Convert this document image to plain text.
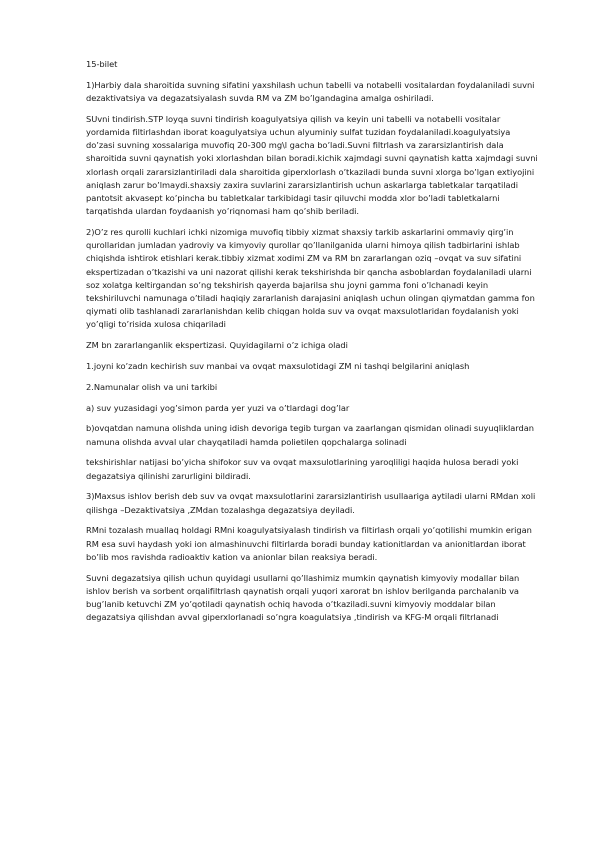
15-bilet

1)Harbiy dala sharoitida suvning sifatini yaxshilash uchun tabelli va notabelli vositalardan foydalaniladi suvni dezaktivatsiya va degazatsiyalash suvda RM va ZM bo’lgandagina amalga oshiriladi.

SUvni tindirish.STP loyqa suvni tindirish koagulyatsiya qilish va keyin uni tabelli va notabelli vositalar yordamida filtirlashdan iborat koagulyatsiya uchun alyuminiy sulfat tuzidan foydalaniladi.koagulyatsiya do’zasi suvning xossalariga muvofiq 20-300 mg\l gacha bo’ladi.Suvni filtrlash va zararsizlantirish dala sharoitida suvni qaynatish yoki xlorlashdan bilan boradi.kichik xajmdagi suvni qaynatish katta xajmdagi suvni xlorlash orqali zararsizlantiriladi dala sharoitida giperxlorlash o’tkaziladi bunda suvni xlorga bo’lgan extiyojini aniqlash zarur bo’lmaydi.shaxsiy zaxira suvlarini zararsizlantirish uchun askarlarga tabletkalar tarqatiladi pantotsit akvasept ko’pincha bu tabletkalar tarkibidagi tasir qiluvchi modda xlor bo’ladi tabletkalarni tarqatishda ulardan foydaanish yo’riqnomasi ham qo’shib beriladi.

2)O’z res qurolli kuchlari ichki nizomiga muvofiq tibbiy xizmat shaxsiy tarkib askarlarini ommaviy qirg’in qurollaridan jumladan yadroviy va kimyoviy qurollar qo’llanilganida ularni himoya qilish tadbirlarini ishlab chiqishda ishtirok etishlari kerak.tibbiy xizmat xodimi ZM va RM bn zararlangan oziq –ovqat va suv sifatini ekspertizadan o’tkazishi va uni nazorat qilishi kerak tekshirishda bir qancha asboblardan foydalaniladi ularni soz xolatga keltirgandan so’ng tekshirish qayerda bajarilsa shu joyni gamma foni o’lchanadi keyin tekshiriluvchi namunaga o’tiladi haqiqiy zararlanish darajasini aniqlash uchun olingan qiymatdan gamma fon qiymati olib tashlanadi zararlanishdan kelib chiqgan holda suv va ovqat maxsulotlaridan foydalanish yoki yo’qligi to’risida xulosa chiqariladi

ZM bn zararlanganlik ekspertizasi. Quyidagilarni o’z ichiga oladi

1.joyni ko’zadn kechirish suv manbai va ovqat maxsulotidagi ZM ni tashqi belgilarini aniqlash

2.Namunalar olish va uni tarkibi

a) suv yuzasidagi yog’simon parda yer yuzi va o’tlardagi dog’lar

b)ovqatdan namuna olishda uning idish devoriga tegib turgan va zaarlangan qismidan olinadi suyuqliklardan namuna olishda avval ular chayqatiladi hamda polietilen qopchalarga solinadi

tekshirishlar natijasi bo’yicha shifokor suv va ovqat maxsulotlarining yaroqliligi haqida hulosa beradi yoki degazatsiya qilinishi zarurligini bildiradi.

3)Maxsus ishlov berish deb suv va ovqat maxsulotlarini zararsizlantirish usullaariga aytiladi ularni RMdan xoli qilishga –Dezaktivatsiya ,ZMdan tozalashga degazatsiya deyiladi.

RMni tozalash muallaq holdagi RMni koagulyatsiyalash tindirish va filtirlash orqali yo’qotilishi mumkin erigan RM esa suvi haydash yoki ion almashinuvchi filtirlarda boradi bunday kationitlardan va anionitlardan iborat bo’lib mos ravishda radioaktiv kation va anionlar bilan reaksiya beradi.

Suvni degazatsiya qilish uchun quyidagi usullarni qo’llashimiz mumkin qaynatish kimyoviy modallar bilan ishlov berish va sorbent orqalifiltrlash qaynatish orqali yuqori xarorat bn ishlov berilganda parchalanib va bug’lanib ketuvchi ZM yo’qotiladi qaynatish ochiq havoda o’tkaziladi.suvni kimyoviy moddalar bilan degazatsiya qilishdan avval giperxlorlanadi so’ngra koagulatsiya ,tindirish va KFG-M orqali filtrlanadi
